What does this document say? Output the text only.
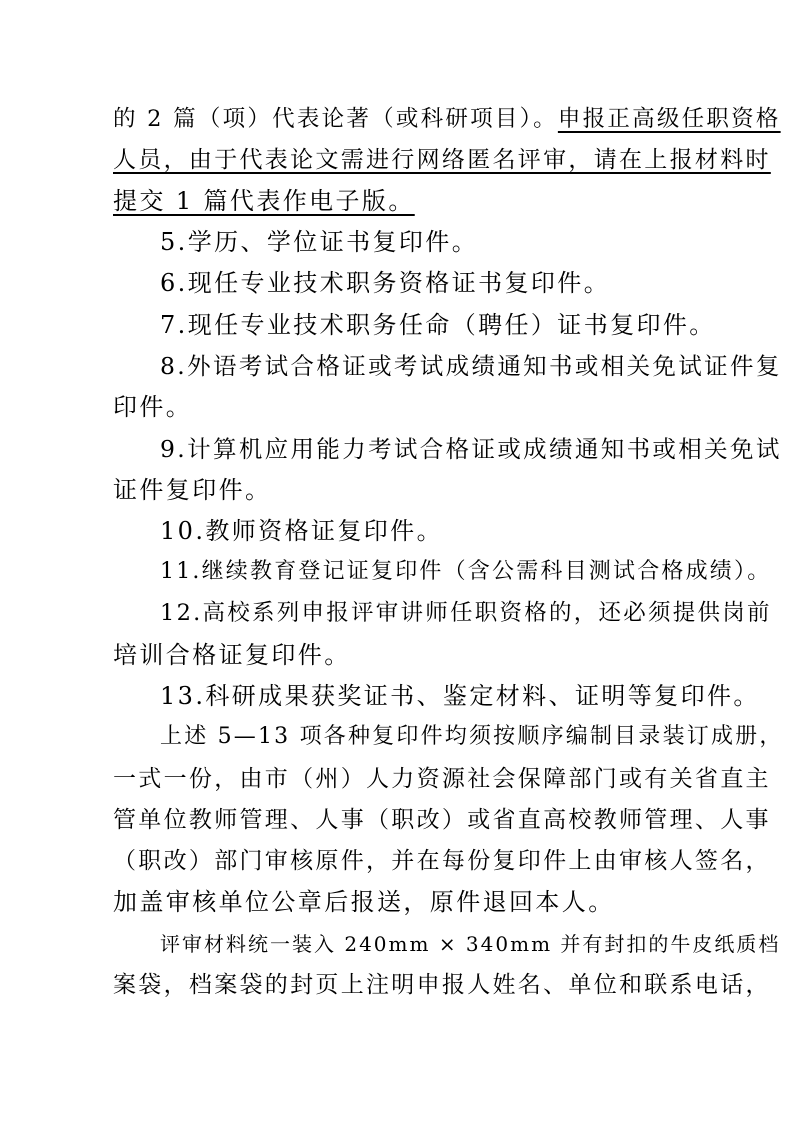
的 2 篇（项）代表论著（或科研项目）。申报正高级任职资格

人员，由于代表论文需进行网络匿名评审，请在上报材料时

提交 1 篇代表作电子版。

5.学历、学位证书复印件。

6.现任专业技术职务资格证书复印件。

7.现任专业技术职务任命（聘任）证书复印件。

8.外语考试合格证或考试成绩通知书或相关免试证件复

印件。

9.计算机应用能力考试合格证或成绩通知书或相关免试

证件复印件。

10.教师资格证复印件。

11.继续教育登记证复印件（含公需科目测试合格成绩）。

12.高校系列申报评审讲师任职资格的，还必须提供岗前

培训合格证复印件。

13.科研成果获奖证书、鉴定材料、证明等复印件。

上述 5—13 项各种复印件均须按顺序编制目录装订成册，

一式一份，由市（州）人力资源社会保障部门或有关省直主

管单位教师管理、人事（职改）或省直高校教师管理、人事

（职改）部门审核原件，并在每份复印件上由审核人签名，

加盖审核单位公章后报送，原件退回本人。

评审材料统一装入 240mm × 340mm 并有封扣的牛皮纸质档

案袋，档案袋的封页上注明申报人姓名、单位和联系电话，
